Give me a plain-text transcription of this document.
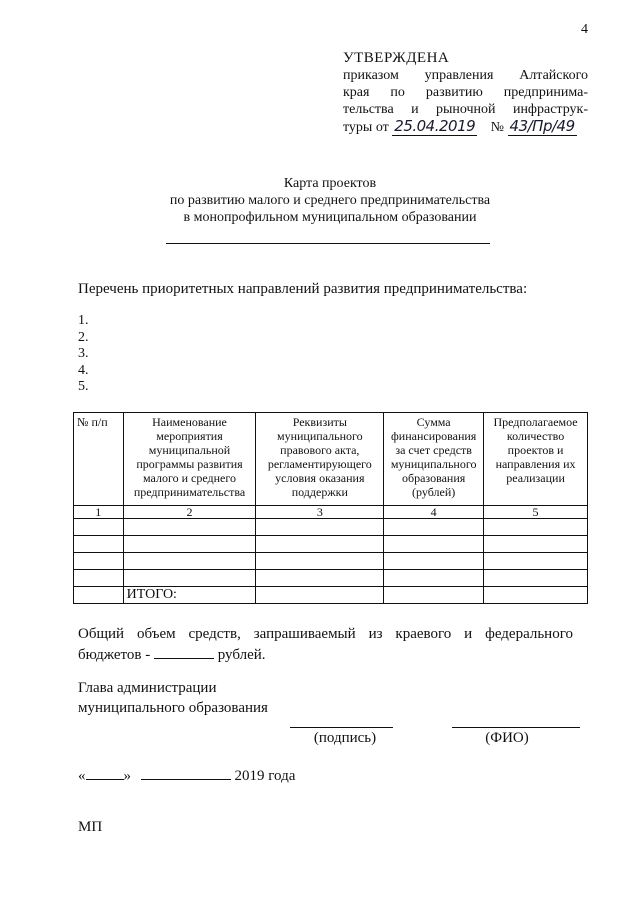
4
УТВЕРЖДЕНА
приказом управления Алтайского
края по развитию предпринима-
тельства и рыночной инфраструк-
туры от 25.04.2019 № 43/Пр/49
Карта проектов
по развитию малого и среднего предпринимательства
в монопрофильном муниципальном образовании
Перечень приоритетных направлений развития предпринимательства:
1.
2.
3.
4.
5.
№ п/п	Наименование мероприятия муниципальной программы развития малого и среднего предпринимательства	Реквизиты муниципального правового акта, регламентирующего условия оказания поддержки	Сумма финансирования за счет средств муниципального образования (рублей)	Предполагаемое количество проектов и направления их реализации
1	2	3	4	5

	ИТОГО:			
Общий объем средств, запрашиваемый из краевого и федерального бюджетов -	рублей.
Глава администрации
муниципального образования
(подпись)	(ФИО)
«	»	2019 года
МП
